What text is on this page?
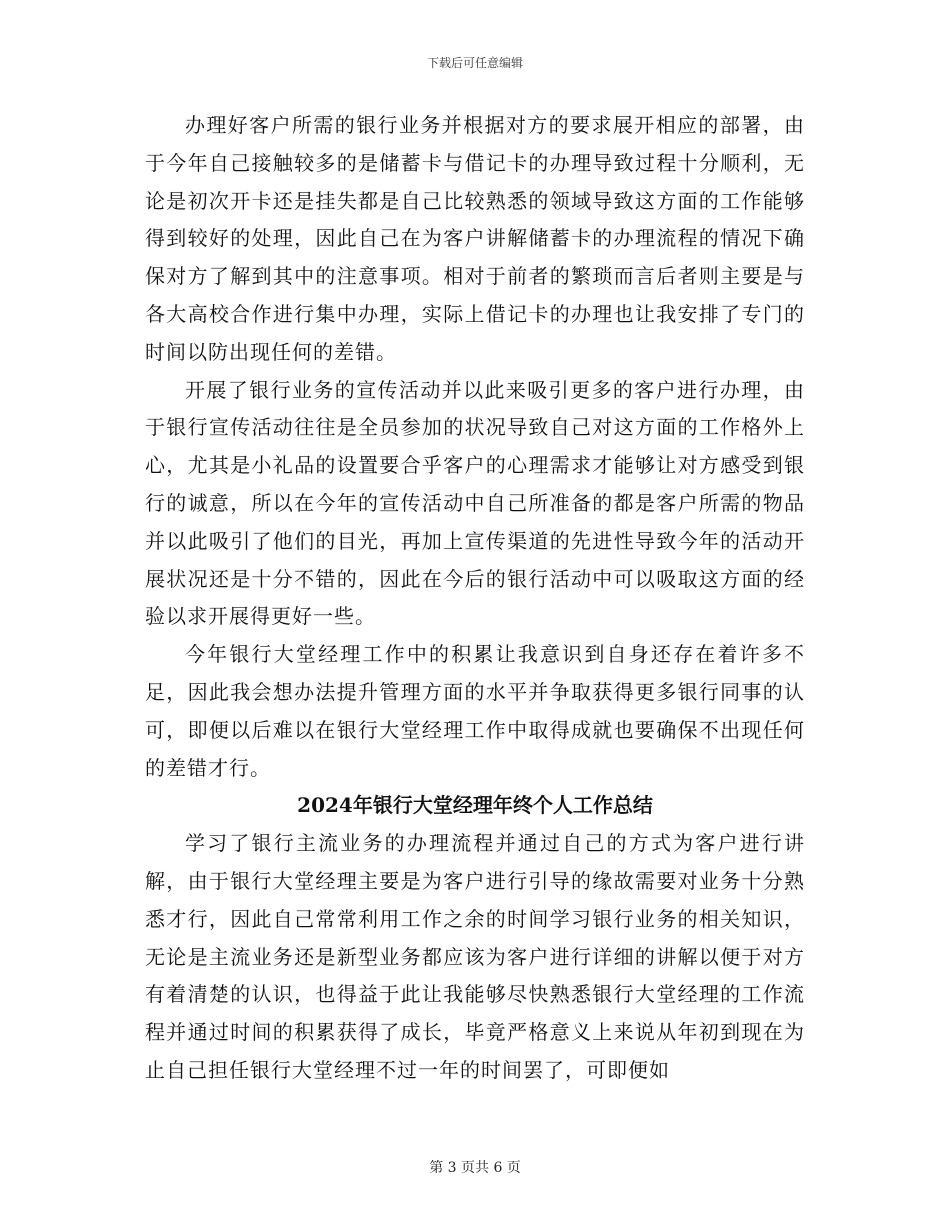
下载后可任意编辑

办理好客户所需的银行业务并根据对方的要求展开相应的部署，由于今年自己接触较多的是储蓄卡与借记卡的办理导致过程十分顺利，无论是初次开卡还是挂失都是自己比较熟悉的领域导致这方面的工作能够得到较好的处理，因此自己在为客户讲解储蓄卡的办理流程的情况下确保对方了解到其中的注意事项。相对于前者的繁琐而言后者则主要是与各大高校合作进行集中办理，实际上借记卡的办理也让我安排了专门的时间以防出现任何的差错。

开展了银行业务的宣传活动并以此来吸引更多的客户进行办理，由于银行宣传活动往往是全员参加的状况导致自己对这方面的工作格外上心，尤其是小礼品的设置要合乎客户的心理需求才能够让对方感受到银行的诚意，所以在今年的宣传活动中自己所准备的都是客户所需的物品并以此吸引了他们的目光，再加上宣传渠道的先进性导致今年的活动开展状况还是十分不错的，因此在今后的银行活动中可以吸取这方面的经验以求开展得更好一些。

今年银行大堂经理工作中的积累让我意识到自身还存在着许多不足，因此我会想办法提升管理方面的水平并争取获得更多银行同事的认可，即便以后难以在银行大堂经理工作中取得成就也要确保不出现任何的差错才行。

2024年银行大堂经理年终个人工作总结

学习了银行主流业务的办理流程并通过自己的方式为客户进行讲解，由于银行大堂经理主要是为客户进行引导的缘故需要对业务十分熟悉才行，因此自己常常利用工作之余的时间学习银行业务的相关知识，无论是主流业务还是新型业务都应该为客户进行详细的讲解以便于对方有着清楚的认识，也得益于此让我能够尽快熟悉银行大堂经理的工作流程并通过时间的积累获得了成长，毕竟严格意义上来说从年初到现在为止自己担任银行大堂经理不过一年的时间罢了，可即便如

第 3 页共 6 页
